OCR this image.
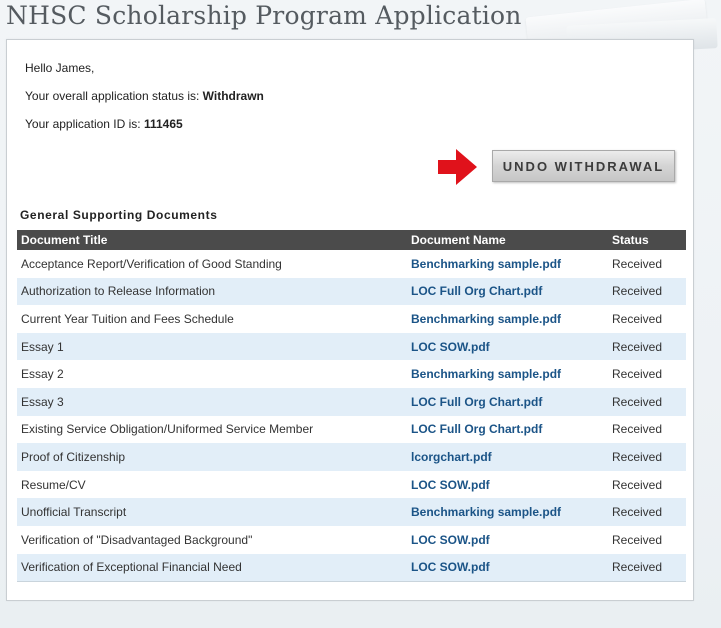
NHSC Scholarship Program Application
Hello James,
Your overall application status is: Withdrawn
Your application ID is: 111465
UNDO WITHDRAWAL
General Supporting Documents
Document Title	Document Name	Status
Acceptance Report/Verification of Good Standing	Benchmarking sample.pdf	Received
Authorization to Release Information	LOC Full Org Chart.pdf	Received
Current Year Tuition and Fees Schedule	Benchmarking sample.pdf	Received
Essay 1	LOC SOW.pdf	Received
Essay 2	Benchmarking sample.pdf	Received
Essay 3	LOC Full Org Chart.pdf	Received
Existing Service Obligation/Uniformed Service Member	LOC Full Org Chart.pdf	Received
Proof of Citizenship	lcorgchart.pdf	Received
Resume/CV	LOC SOW.pdf	Received
Unofficial Transcript	Benchmarking sample.pdf	Received
Verification of "Disadvantaged Background"	LOC SOW.pdf	Received
Verification of Exceptional Financial Need	LOC SOW.pdf	Received
